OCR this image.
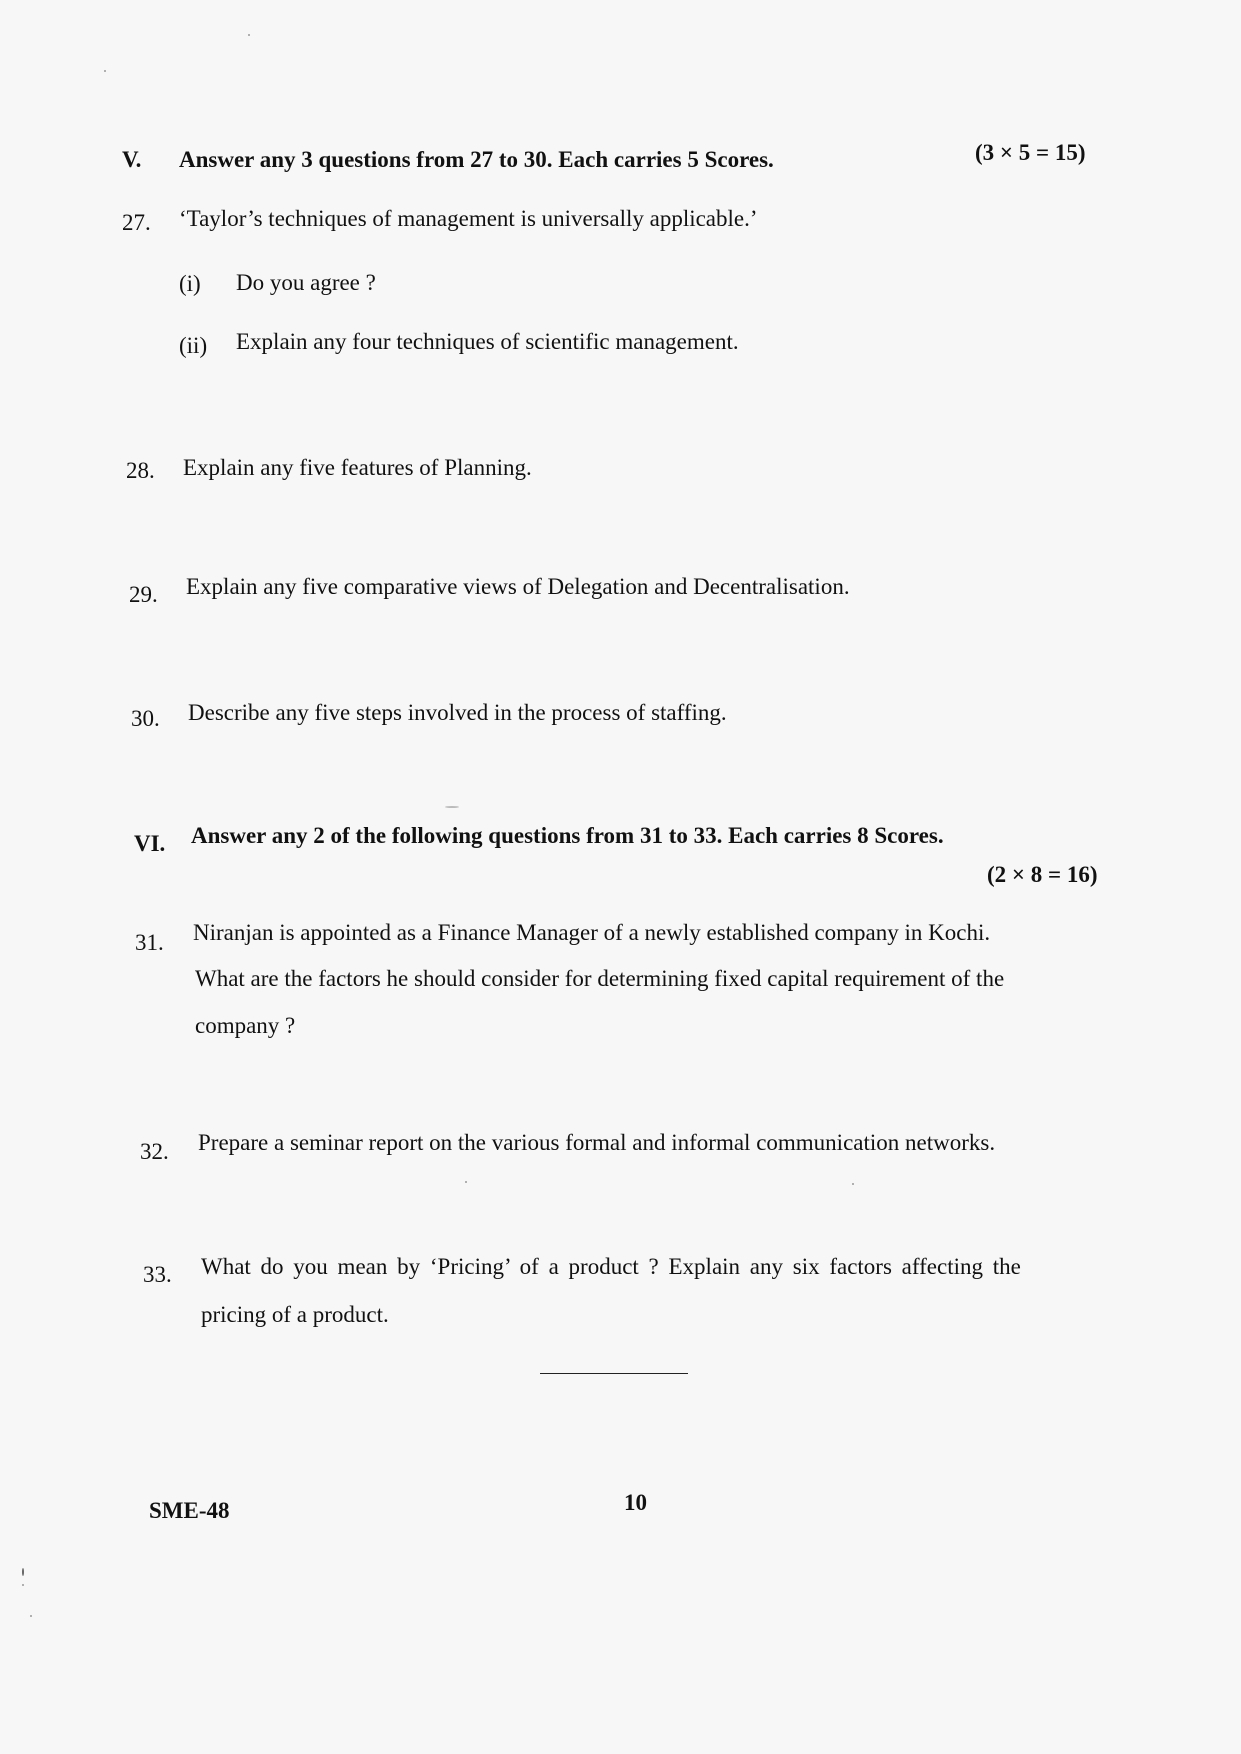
V. Answer any 3 questions from 27 to 30. Each carries 5 Scores.	(3 × 5 = 15)
27. ‘Taylor’s techniques of management is universally applicable.’
(i) Do you agree ?
(ii) Explain any four techniques of scientific management.
28. Explain any five features of Planning.
29. Explain any five comparative views of Delegation and Decentralisation.
30. Describe any five steps involved in the process of staffing.
VI. Answer any 2 of the following questions from 31 to 33. Each carries 8 Scores.
(2 × 8 = 16)
31. Niranjan is appointed as a Finance Manager of a newly established company in Kochi.
What are the factors he should consider for determining fixed capital requirement of the
company ?
32. Prepare a seminar report on the various formal and informal communication networks.
33. What do you mean by ‘Pricing’ of a product ? Explain any six factors affecting the
pricing of a product.
SME-48	10
